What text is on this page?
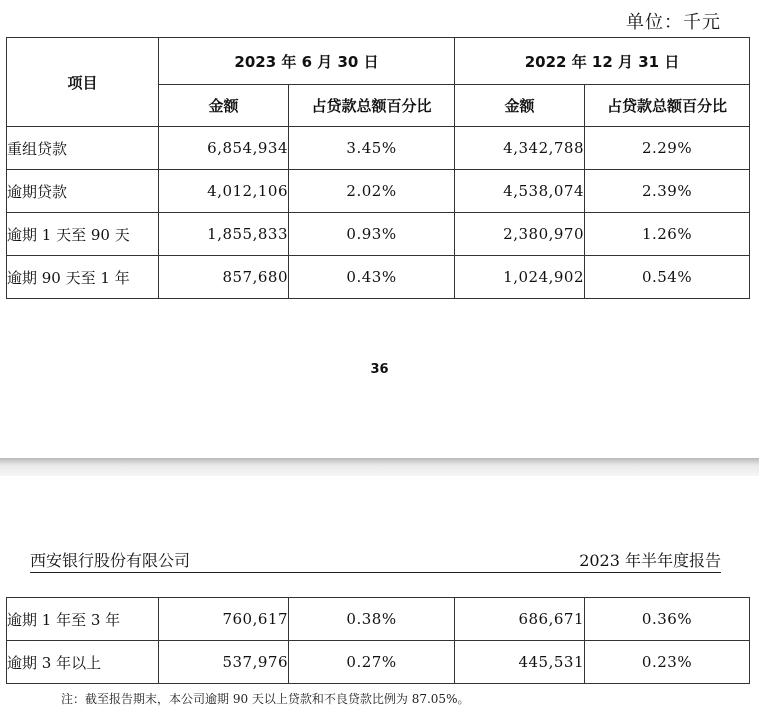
单位：千元
项目	2023 年 6 月 30 日		2022 年 12 月 31 日	
	金额	占贷款总额百分比	金额	占贷款总额百分比
重组贷款	6,854,934	3.45%	4,342,788	2.29%
逾期贷款	4,012,106	2.02%	4,538,074	2.39%
逾期 1 天至 90 天	1,855,833	0.93%	2,380,970	1.26%
逾期 90 天至 1 年	857,680	0.43%	1,024,902	0.54%
36
西安银行股份有限公司	2023 年半年度报告
逾期 1 年至 3 年	760,617	0.38%	686,671	0.36%
逾期 3 年以上	537,976	0.27%	445,531	0.23%
注：截至报告期末，本公司逾期 90 天以上贷款和不良贷款比例为 87.05%。
